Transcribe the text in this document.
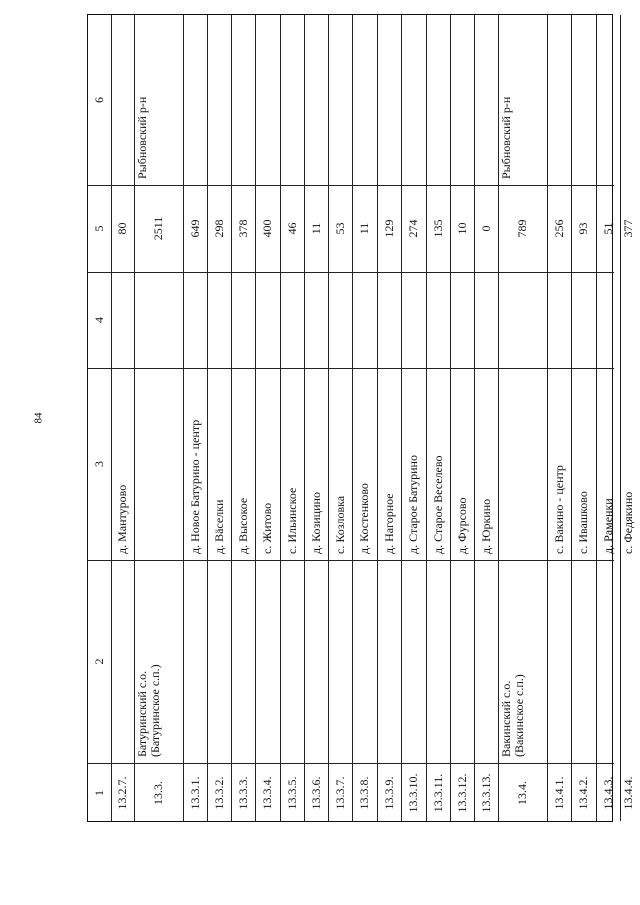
84
1
2
3
4
5
6
13.2.7.
д. Мантурово
80
13.3.
Батуринский с.о.
(Батуринское с.п.)
2511
Рыбновский р-н
13.3.1.
д. Новое Батурино - центр
649
13.3.2.
д. Вäселки
298
13.3.3.
д. Высокое
378
13.3.4.
с. Житово
400
13.3.5.
с. Ильинское
46
13.3.6.
д. Козицино
11
13.3.7.
с. Козловка
53
13.3.8.
д. Костенково
11
13.3.9.
д. Нагорное
129
13.3.10.
д. Старое Батурино
274
13.3.11.
д. Старое Веселево
135
13.3.12.
д. Фурсово
10
13.3.13.
д. Юркино
0
13.4.
Вакинский с.о.
(Вакинское с.п.)
789
Рыбновский р-н
13.4.1.
с. Вакино - центр
256
13.4.2.
с. Ивашково
93
13.4.3.
д. Раменки
51
13.4.4.
с. Федякино
377
